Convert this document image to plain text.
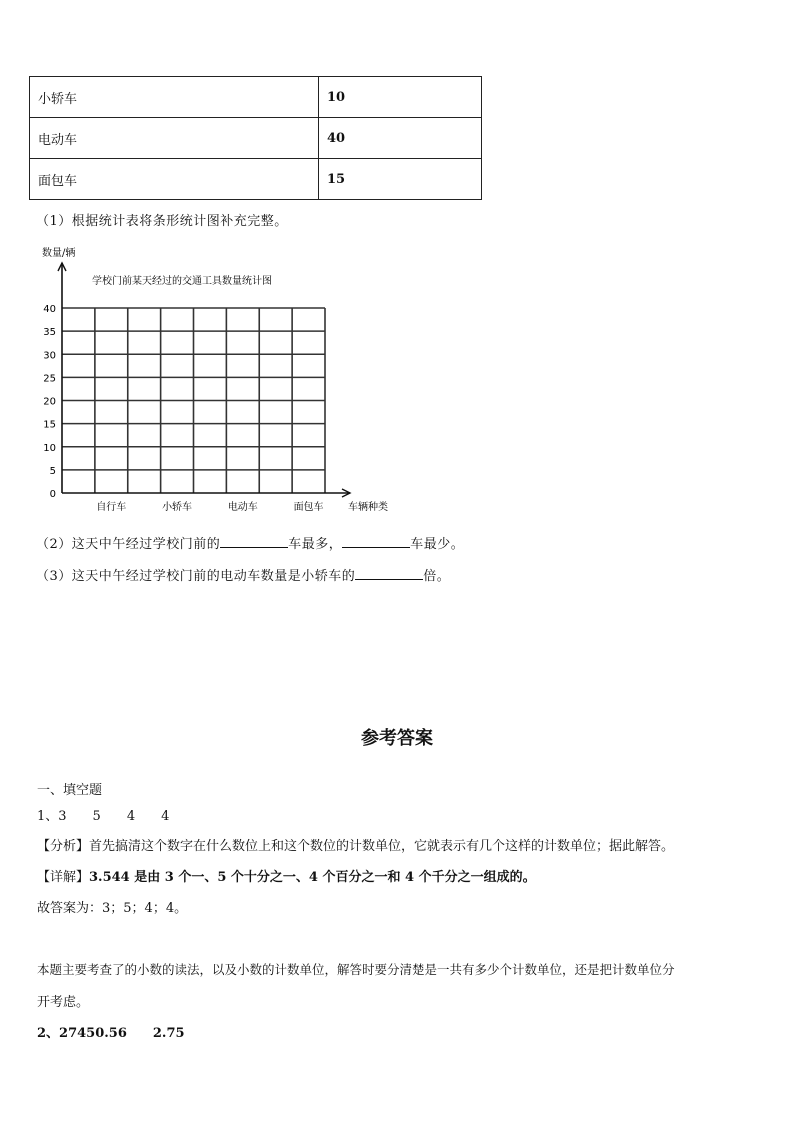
小轿车	10
电动车	40
面包车	15
（1）根据统计表将条形统计图补充完整。
数量/辆
学校门前某天经过的交通工具数量统计图
0
5
10
15
20
25
30
35
40
自行车	小轿车	电动车	面包车 车辆种类
（2）这天中午经过学校门前的	车最多，	车最少。
（3）这天中午经过学校门前的电动车数量是小轿车的	倍。
参考答案
一、填空题
1、3　　5　　4　　4
【分析】首先搞清这个数字在什么数位上和这个数位的计数单位，它就表示有几个这样的计数单位；据此解答。
【详解】3.544 是由 3 个一、5 个十分之一、4 个百分之一和 4 个千分之一组成的。
故答案为：3；5；4；4。
本题主要考查了的小数的读法，以及小数的计数单位，解答时要分清楚是一共有多少个计数单位，还是把计数单位分
开考虑。
2、27450.56　　2.75
